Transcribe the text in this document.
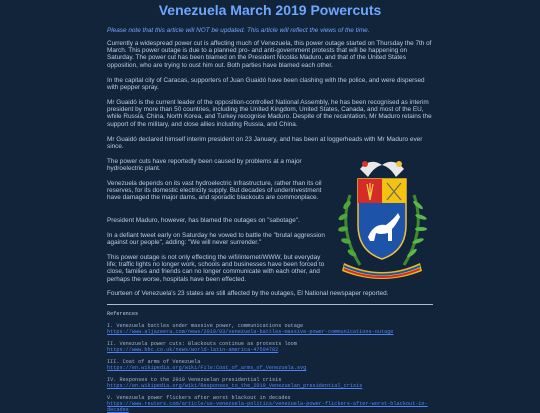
Venezuela March 2019 Powercuts

Please note that this article will NOT be updated. This article will reflect the views of the time.

Currently a widespread power cut is affecting much of Venezuela, this power outage started on Thursday the 7th of March. This power outage is due to a planned pro- and anti-government protests that will be happening on Saturday. The power cut has been blamed on the President Nicolás Maduro, and that of the United States opposition, who are trying to oust him out. Both parties have blamed each other.

In the capital city of Caracas, supporters of Juan Guaidó have been clashing with the police, and were dispersed with pepper spray.

Mr Guaidó is the current leader of the opposition-controlled National Assembly, he has been recognised as interim president by more than 50 countries, including the United Kingdom, United States, Canada, and most of the EU, while Russia, China, North Korea, and Turkey recognise Maduro. Despite of the recantation, Mr Maduro retains the support of the military, and close allies including Russia, and China.

Mr Guaidó declared himself interim president on 23 January, and has been at loggerheads with Mr Maduro ever since.

The power cuts have reportedly been caused by problems at a major hydroelectric plant.

Venezuela depends on its vast hydroelectric infrastructure, rather than its oil reserves, for its domestic electricity supply. But decades of underinvestment have damaged the major dams, and sporadic blackouts are commonplace.

President Maduro, however, has blamed the outages on "sabotage".

In a defiant tweet early on Saturday he vowed to battle the "brutal aggression against our people", adding: "We will never surrender."

This power outage is not only effecting the wifi/internet/WWW, but everyday life; traffic lights no longer work, schools and businesses have been forced to close, families and friends can no longer communicate with each other, and perhaps the worse, hospitals have been effected.

Fourteen of Venezuela's 23 states are still affected by the outages, El National newspaper reported.

References
I. Venezuela battles under massive power, communications outage
https://www.aljazeera.com/news/2019/03/venezuela-battles-massive-power-communications-outage
II. Venezuela power cuts: Blackouts continue as protests loom
https://www.bbc.co.uk/news/world-latin-america-47504782
III. Coat of arms of Venezuela
https://en.wikipedia.org/wiki/File:Coat_of_arms_of_Venezuela.svg
IV. Responses to the 2019 Venezuelan presidential crisis
https://en.wikipedia.org/wiki/Responses_to_the_2019_Venezuelan_presidential_crisis
V. Venezuela power flickers after worst blackout in decades
https://www.reuters.com/article/us-venezuela-politics/venezuela-power-flickers-after-worst-blackout-in-decades
